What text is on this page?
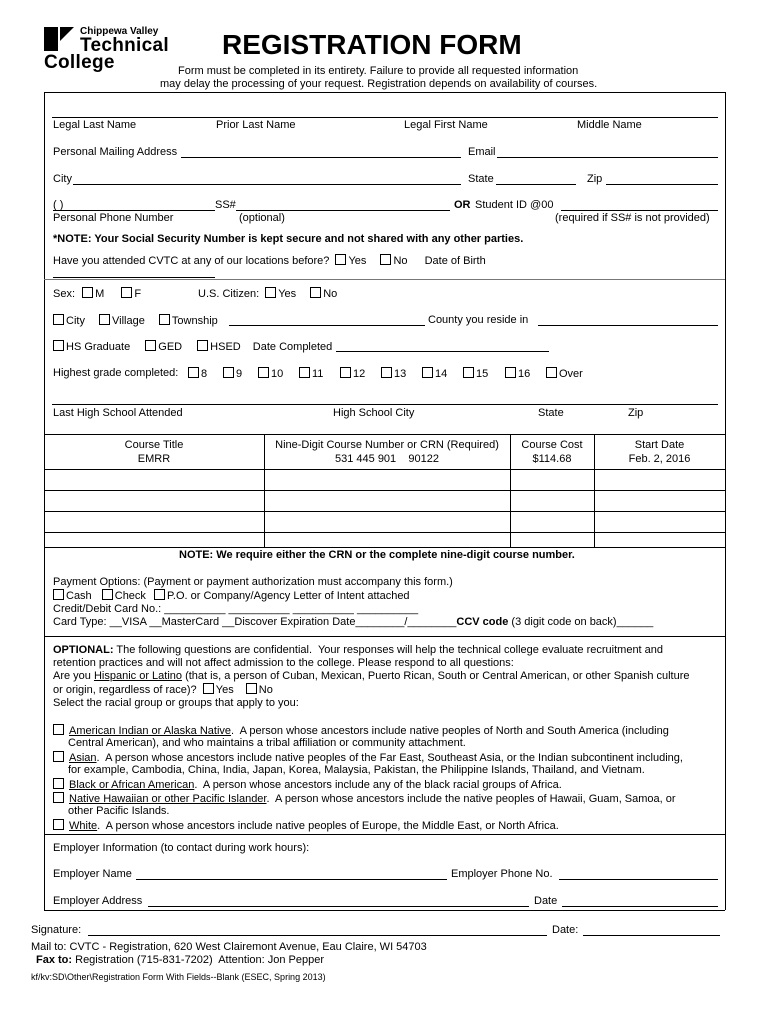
Chippewa Valley
Technical
College
REGISTRATION FORM
Form must be completed in its entirety. Failure to provide all requested information
may delay the processing of your request. Registration depends on availability of courses.
Legal Last Name	Prior Last Name	Legal First Name	Middle Name
Personal Mailing Address	Email
City	State	Zip
( )	SS#	OR Student ID @00
Personal Phone Number	(optional)	(required if SS# is not provided)
*NOTE: Your Social Security Number is kept secure and not shared with any other parties.
Have you attended CVTC at any of our locations before? Yes No Date of Birth
Sex: M	F	U.S. Citizen: Yes No
City Village Township	County you reside in
HS Graduate	GED	HSED Date Completed
Highest grade completed:	8	9	10	11	12	13	14	15	16	Over
Last High School Attended	High School City	State	Zip
Course Title	Nine-Digit Course Number or CRN (Required)	Course Cost	Start Date
EMRR	531 445 901    90122	$114.68	Feb. 2, 2016
NOTE: We require either the CRN or the complete nine-digit course number.
Payment Options: (Payment or payment authorization must accompany this form.)
Cash Check P.O. or Company/Agency Letter of Intent attached
Credit/Debit Card No.: __________ __________ __________ __________
Card Type: __VISA __MasterCard __Discover Expiration Date________/________CCV code (3 digit code on back)______
OPTIONAL: The following questions are confidential.  Your responses will help the technical college evaluate recruitment and
retention practices and will not affect admission to the college. Please respond to all questions:
Are you Hispanic or Latino (that is, a person of Cuban, Mexican, Puerto Rican, South or Central American, or other Spanish culture
or origin, regardless of race)? Yes No
Select the racial group or groups that apply to you:
American Indian or Alaska Native.  A person whose ancestors include native peoples of North and South America (including
Central American), and who maintains a tribal affiliation or community attachment.
Asian.  A person whose ancestors include native peoples of the Far East, Southeast Asia, or the Indian subcontinent including,
for example, Cambodia, China, India, Japan, Korea, Malaysia, Pakistan, the Philippine Islands, Thailand, and Vietnam.
Black or African American.  A person whose ancestors include any of the black racial groups of Africa.
Native Hawaiian or other Pacific Islander.  A person whose ancestors include the native peoples of Hawaii, Guam, Samoa, or
other Pacific Islands.
White.  A person whose ancestors include native peoples of Europe, the Middle East, or North Africa.
Employer Information (to contact during work hours):
Employer Name	Employer Phone No.
Employer Address	Date
Signature:	Date:
Mail to: CVTC - Registration, 620 West Clairemont Avenue, Eau Claire, WI 54703
Fax to: Registration (715-831-7202)  Attention: Jon Pepper
kf/kv:SD\Other\Registration Form With Fields--Blank (ESEC, Spring 2013)
